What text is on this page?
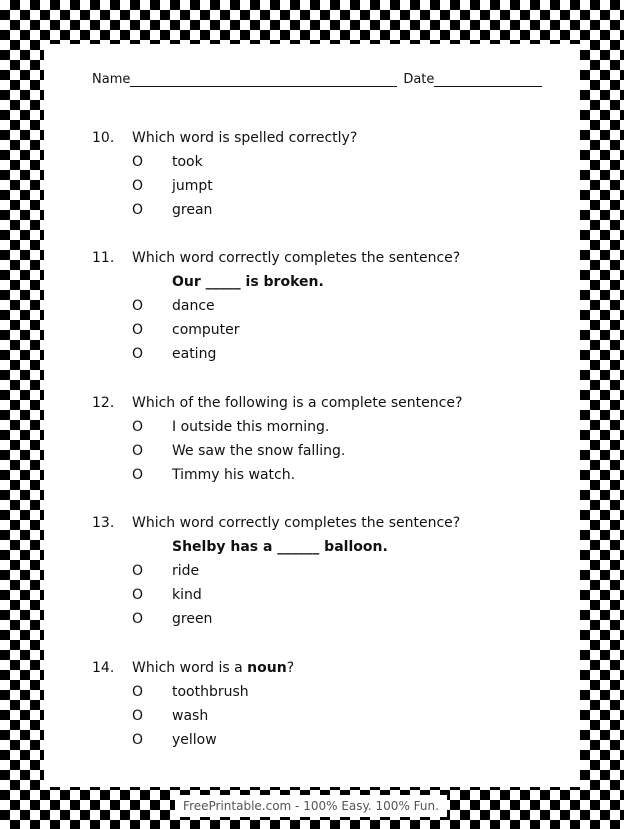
Name	Date
10.	Which word is spelled correctly?
O	took
O	jumpt
O	grean
11.	Which word correctly completes the sentence?
Our _____ is broken.
O	dance
O	computer
O	eating
12.	Which of the following is a complete sentence?
O	I outside this morning.
O	We saw the snow falling.
O	Timmy his watch.
13.	Which word correctly completes the sentence?
Shelby has a ______ balloon.
O	ride
O	kind
O	green
14.	Which word is a noun?
O	toothbrush
O	wash
O	yellow
FreePrintable.com - 100% Easy. 100% Fun.
